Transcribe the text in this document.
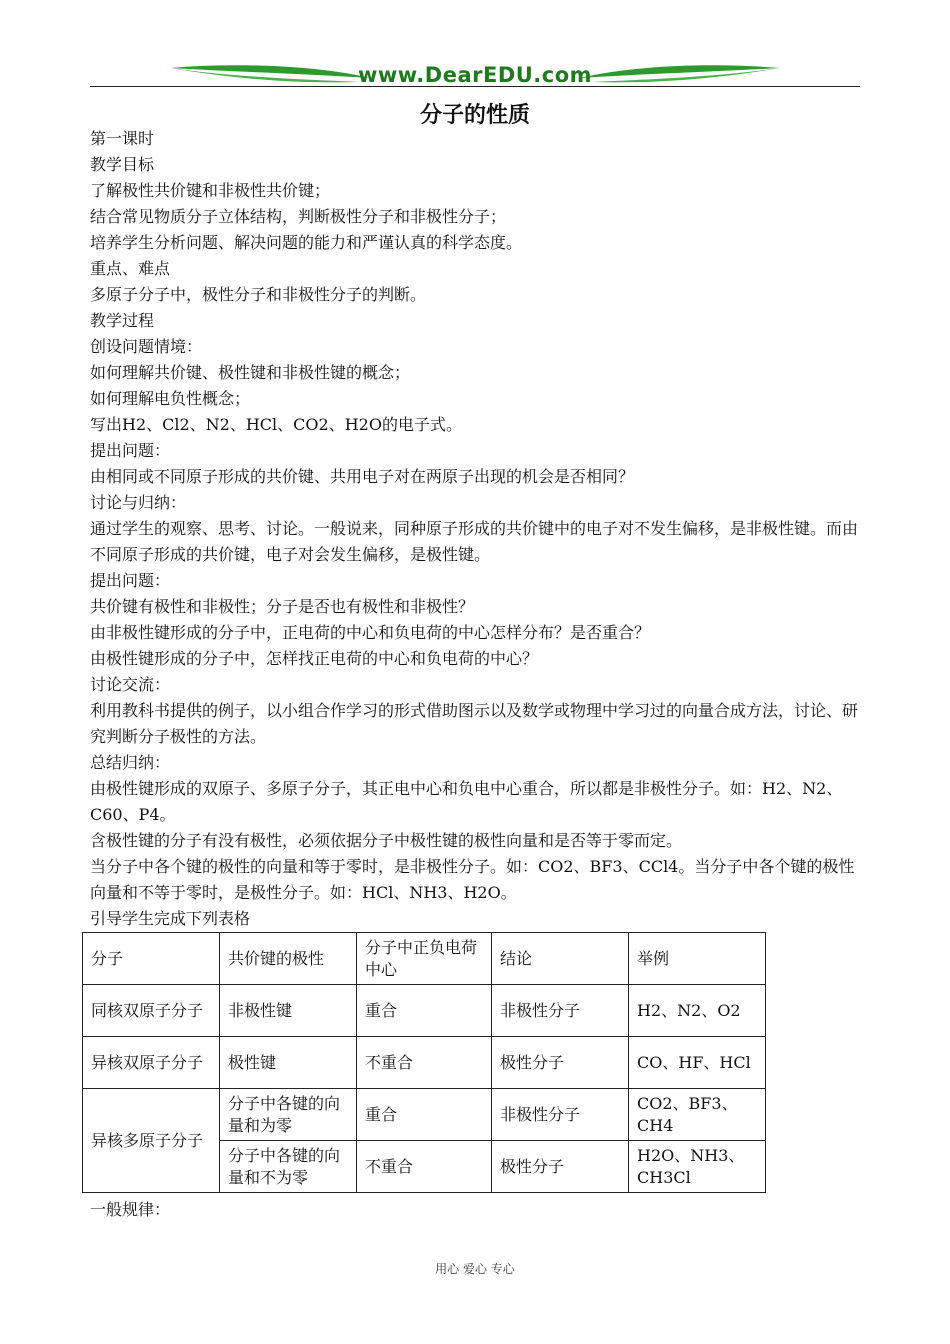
www.DearEDU.com
分子的性质

第一课时

教学目标

了解极性共价键和非极性共价键；

结合常见物质分子立体结构，判断极性分子和非极性分子；

培养学生分析问题、解决问题的能力和严谨认真的科学态度。

重点、难点

多原子分子中，极性分子和非极性分子的判断。

教学过程

创设问题情境：

如何理解共价键、极性键和非极性键的概念；

如何理解电负性概念；

写出H2、Cl2、N2、HCl、CO2、H2O的电子式。

提出问题：

由相同或不同原子形成的共价键、共用电子对在两原子出现的机会是否相同？

讨论与归纳：

通过学生的观察、思考、讨论。一般说来，同种原子形成的共价键中的电子对不发生偏移，是非极性键。而由不同原子形成的共价键，电子对会发生偏移，是极性键。

提出问题：

共价键有极性和非极性；分子是否也有极性和非极性？

由非极性键形成的分子中，正电荷的中心和负电荷的中心怎样分布？是否重合？

由极性键形成的分子中，怎样找正电荷的中心和负电荷的中心？

讨论交流：

利用教科书提供的例子，以小组合作学习的形式借助图示以及数学或物理中学习过的向量合成方法，讨论、研究判断分子极性的方法。

总结归纳：

由极性键形成的双原子、多原子分子，其正电中心和负电中心重合，所以都是非极性分子。如：H2、N2、C60、P4。

含极性键的分子有没有极性，必须依据分子中极性键的极性向量和是否等于零而定。

当分子中各个键的极性的向量和等于零时，是非极性分子。如：CO2、BF3、CCl4。当分子中各个键的极性向量和不等于零时，是极性分子。如：HCl、NH3、H2O。

引导学生完成下列表格

分子	共价键的极性	分子中正负电荷中心	结论	举例
同核双原子分子	非极性键	重合	非极性分子	H2、N2、O2
异核双原子分子	极性键	不重合	极性分子	CO、HF、HCl
异核多原子分子	分子中各键的向量和为零	重合	非极性分子	CO2、BF3、CH4
	分子中各键的向量和不为零	不重合	极性分子	H2O、NH3、CH3Cl
一般规律：
用心 爱心 专心
